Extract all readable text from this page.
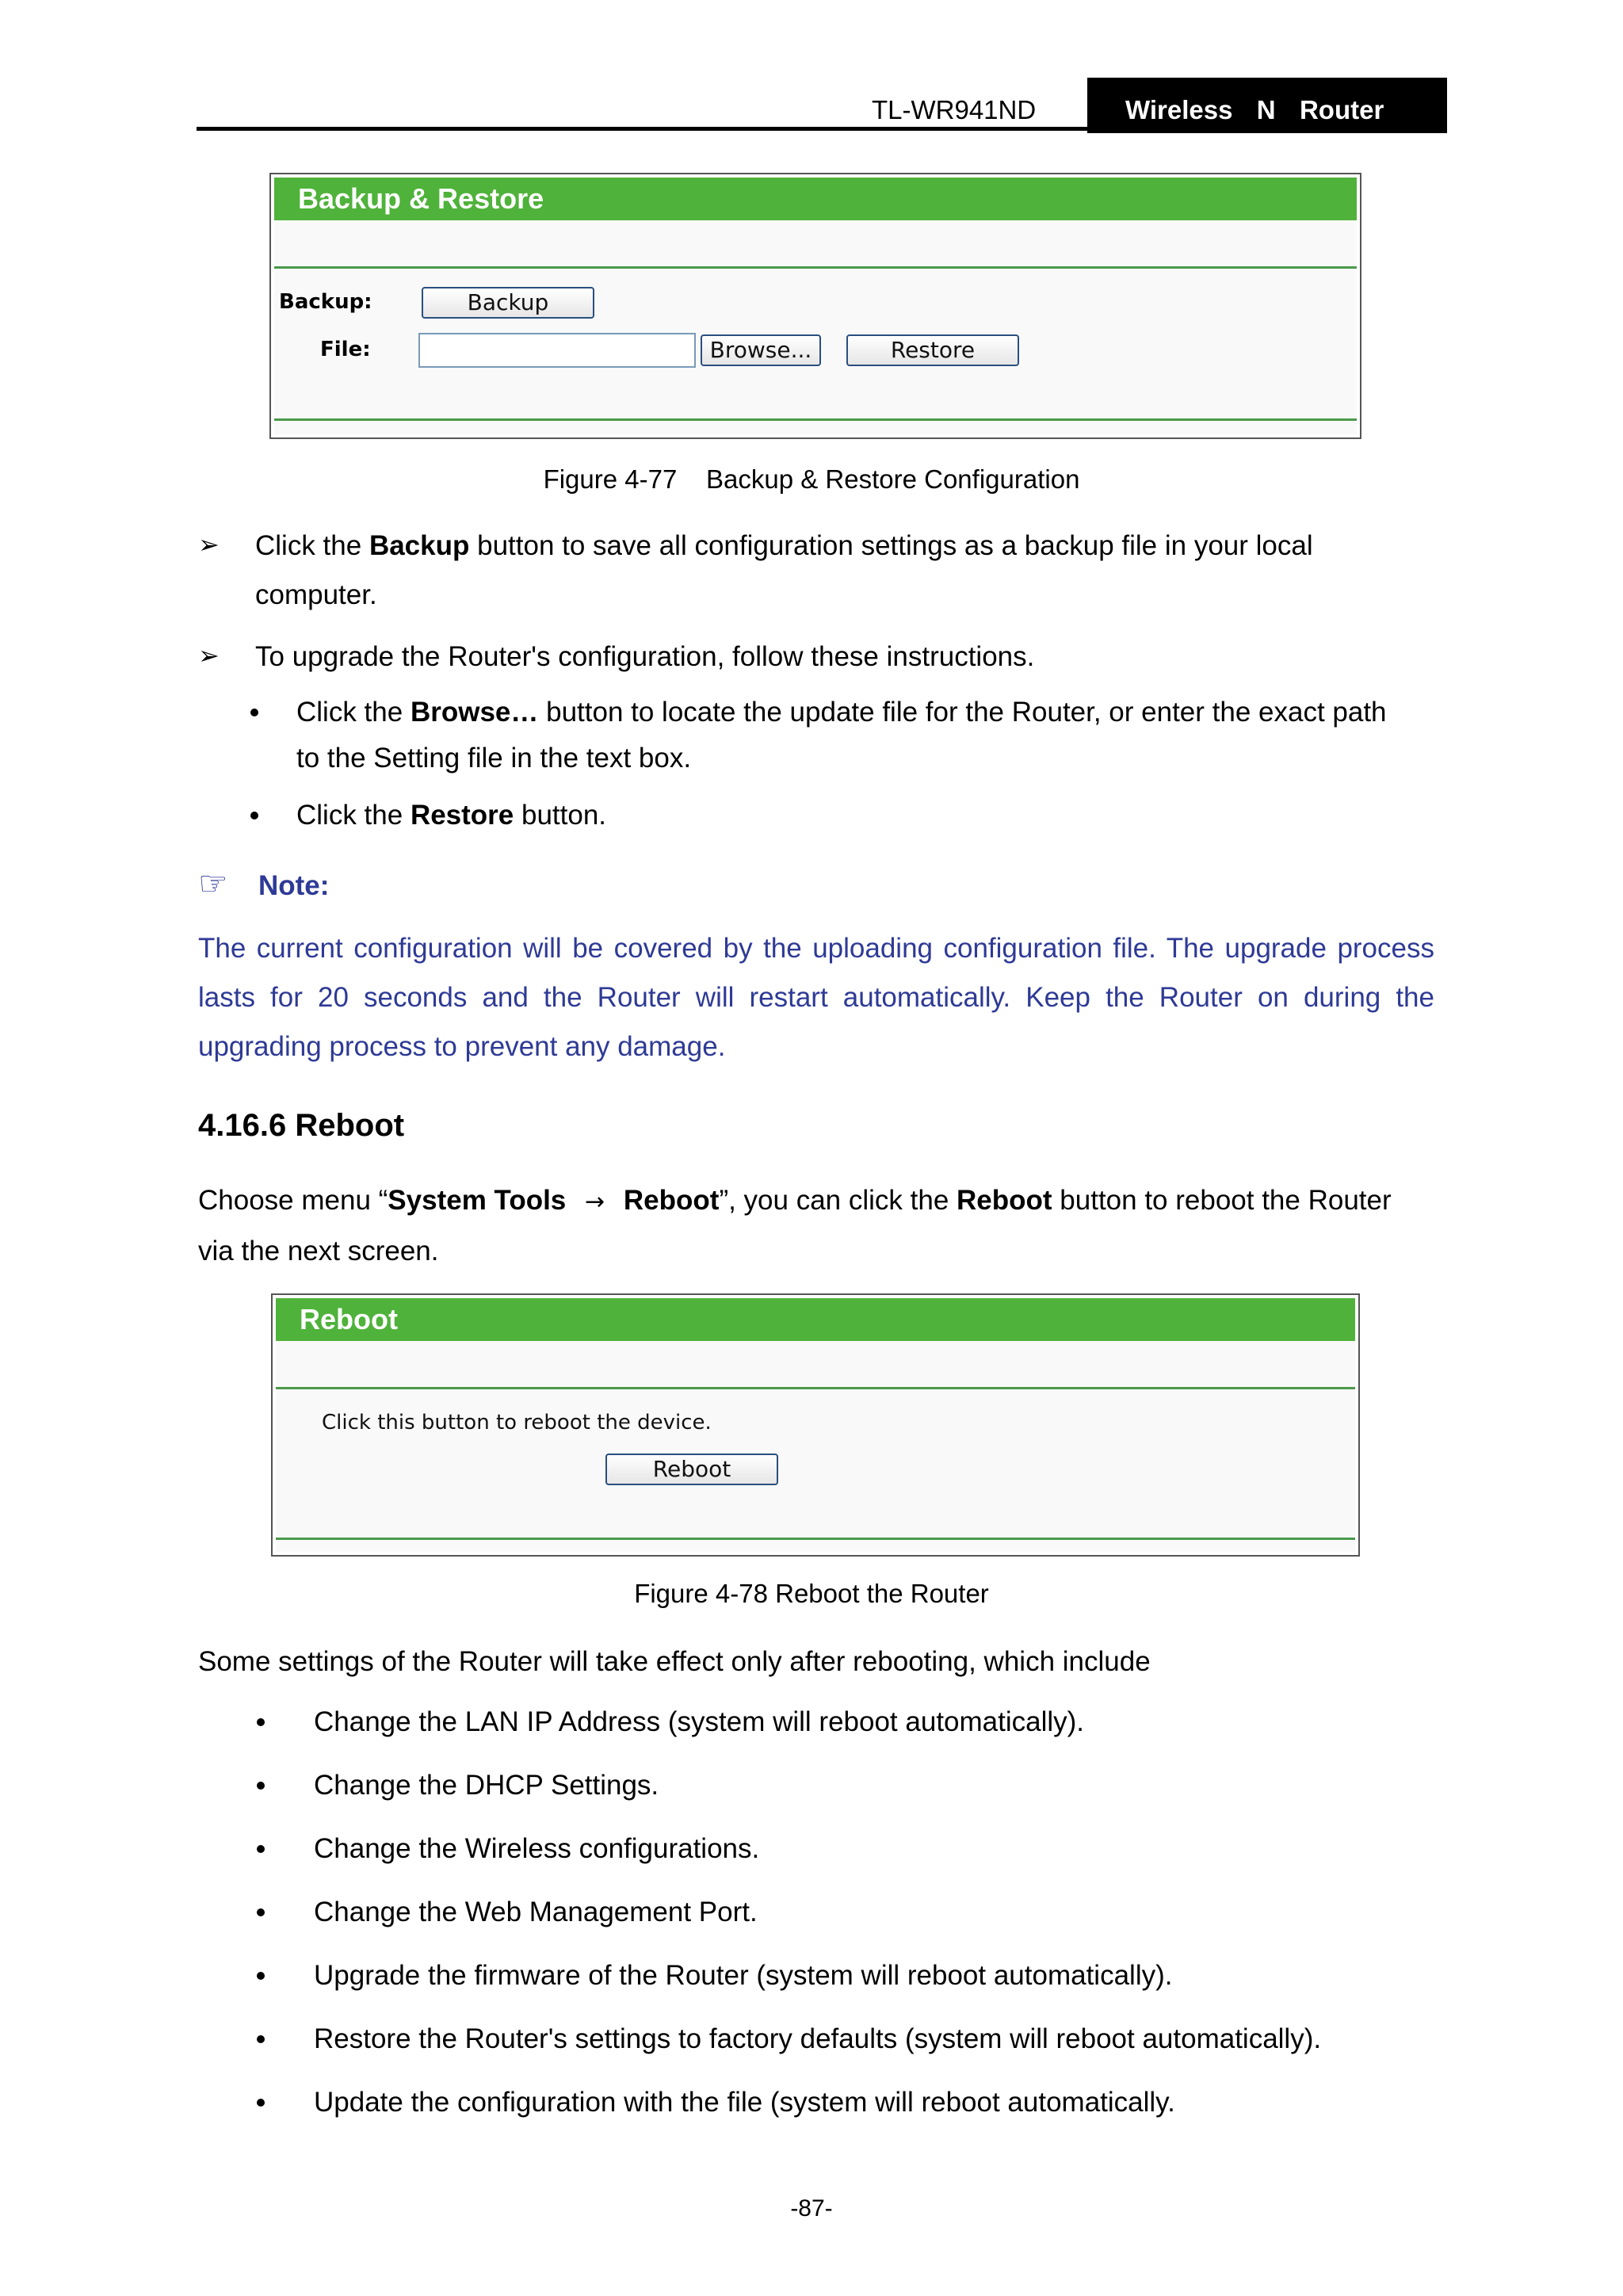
TL-WR941ND	Wireless  N  Router
Backup & Restore
Backup:	Backup
File:	Browse...	Restore
Figure 4-77    Backup & Restore Configuration
➢ Click the Backup button to save all configuration settings as a backup file in your local
computer.
➢ To upgrade the Router's configuration, follow these instructions.
Click the Browse… button to locate the update file for the Router, or enter the exact path
to the Setting file in the text box.
Click the Restore button.
☞ Note:
The current configuration will be covered by the uploading configuration file. The upgrade process
lasts for 20 seconds and the Router will restart automatically. Keep the Router on during the
upgrading process to prevent any damage.
4.16.6 Reboot
Choose menu “System Tools → Reboot”, you can click the Reboot button to reboot the Router
via the next screen.
Reboot
Click this button to reboot the device.
Reboot
Figure 4-78 Reboot the Router
Some settings of the Router will take effect only after rebooting, which include
Change the LAN IP Address (system will reboot automatically).
Change the DHCP Settings.
Change the Wireless configurations.
Change the Web Management Port.
Upgrade the firmware of the Router (system will reboot automatically).
Restore the Router's settings to factory defaults (system will reboot automatically).
Update the configuration with the file (system will reboot automatically.
-87-
